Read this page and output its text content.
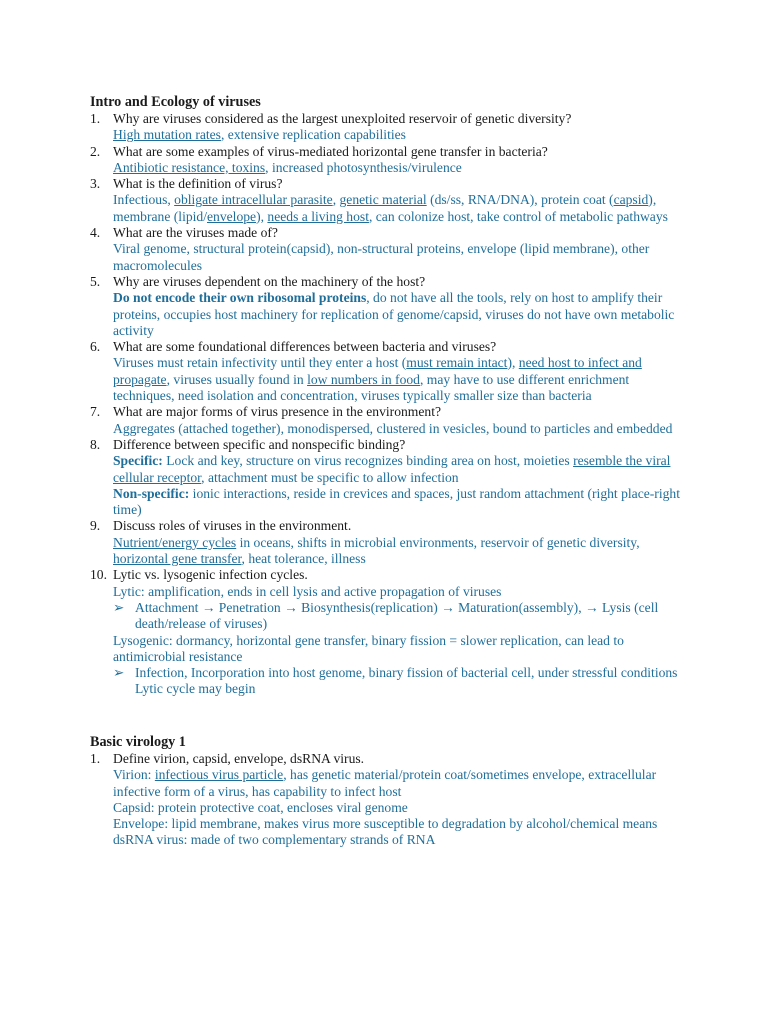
Intro and Ecology of viruses
1. Why are viruses considered as the largest unexploited reservoir of genetic diversity?
High mutation rates, extensive replication capabilities
2. What are some examples of virus-mediated horizontal gene transfer in bacteria?
Antibiotic resistance, toxins, increased photosynthesis/virulence
3. What is the definition of virus?
Infectious, obligate intracellular parasite, genetic material (ds/ss, RNA/DNA), protein coat (capsid), membrane (lipid/envelope), needs a living host, can colonize host, take control of metabolic pathways
4. What are the viruses made of?
Viral genome, structural protein(capsid), non-structural proteins, envelope (lipid membrane), other macromolecules
5. Why are viruses dependent on the machinery of the host?
Do not encode their own ribosomal proteins, do not have all the tools, rely on host to amplify their proteins, occupies host machinery for replication of genome/capsid, viruses do not have own metabolic activity
6. What are some foundational differences between bacteria and viruses?
Viruses must retain infectivity until they enter a host (must remain intact), need host to infect and propagate, viruses usually found in low numbers in food, may have to use different enrichment techniques, need isolation and concentration, viruses typically smaller size than bacteria
7. What are major forms of virus presence in the environment?
Aggregates (attached together), monodispersed, clustered in vesicles, bound to particles and embedded
8. Difference between specific and nonspecific binding?
Specific: Lock and key, structure on virus recognizes binding area on host, moieties resemble the viral cellular receptor, attachment must be specific to allow infection
Non-specific: ionic interactions, reside in crevices and spaces, just random attachment (right place-right time)
9. Discuss roles of viruses in the environment.
Nutrient/energy cycles in oceans, shifts in microbial environments, reservoir of genetic diversity, horizontal gene transfer, heat tolerance, illness
10. Lytic vs. lysogenic infection cycles.
Lytic: amplification, ends in cell lysis and active propagation of viruses
➢ Attachment → Penetration → Biosynthesis(replication) → Maturation(assembly), → Lysis (cell death/release of viruses)
Lysogenic: dormancy, horizontal gene transfer, binary fission = slower replication, can lead to antimicrobial resistance
➢ Infection, Incorporation into host genome, binary fission of bacterial cell, under stressful conditions Lytic cycle may begin
Basic virology 1
1. Define virion, capsid, envelope, dsRNA virus.
Virion: infectious virus particle, has genetic material/protein coat/sometimes envelope, extracellular infective form of a virus, has capability to infect host
Capsid: protein protective coat, encloses viral genome
Envelope: lipid membrane, makes virus more susceptible to degradation by alcohol/chemical means
dsRNA virus: made of two complementary strands of RNA
